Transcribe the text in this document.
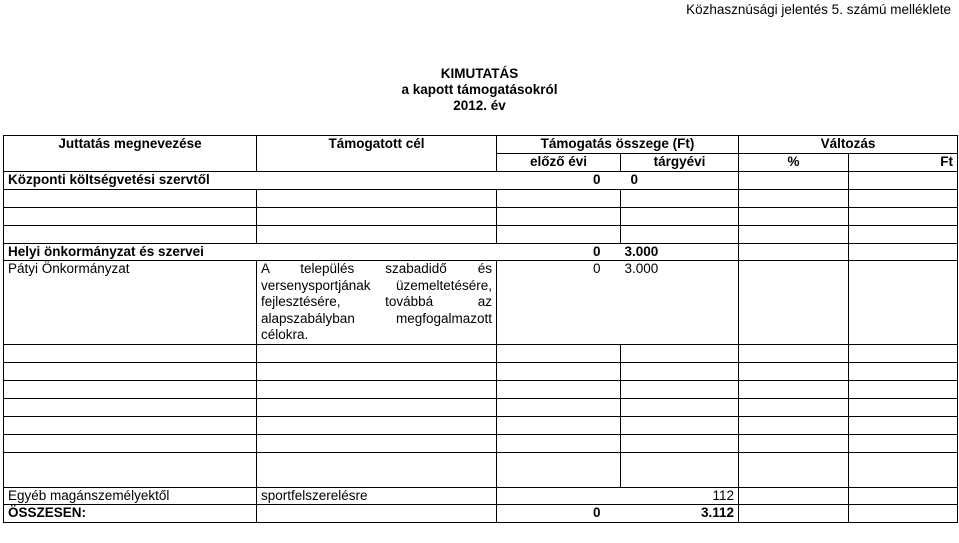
Közhasznúsági jelentés 5. számú melléklete
KIMUTATÁS
a kapott támogatásokról
2012. év
Juttatás megnevezése	Támogatott cél	Támogatás összege (Ft)		Változás	
		előző évi	tárgyévi	%	Ft
Központi költségvetési szervtől		0	0		

Helyi önkormányzat és szervei		0	3.000		
Pátyi Önkormányzat	A település szabadidő és versenysportjának üzemeltetésére, fejlesztésére, továbbá az alapszabályban megfogalmazott célokra.	0	3.000		

Egyéb magánszemélyektől	sportfelszerelésre		112		
ÖSSZESEN:		0	3.112		
